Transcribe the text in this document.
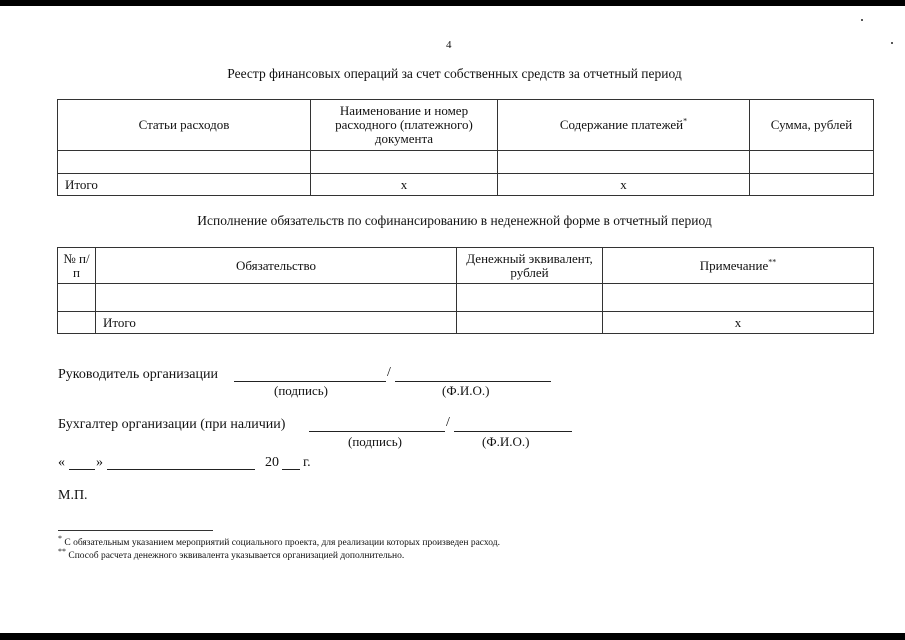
4
Реестр финансовых операций за счет собственных средств за отчетный период
Статьи расходов	Наименование и номер расходного (платежного) документа	Содержание платежей*	Сумма, рублей

Итого	x	x	
Исполнение обязательств по софинансированию в неденежной форме в отчетный период
№ п/п	Обязательство	Денежный эквивалент, рублей	Примечание**

	Итого		x
Руководитель организации	/
(подпись)	(Ф.И.О.)
Бухгалтер организации (при наличии)	/
(подпись)	(Ф.И.О.)
« »	20 г.
М.П.
* С обязательным указанием мероприятий социального проекта, для реализации которых произведен расход.
** Способ расчета денежного эквивалента указывается организацией дополнительно.
